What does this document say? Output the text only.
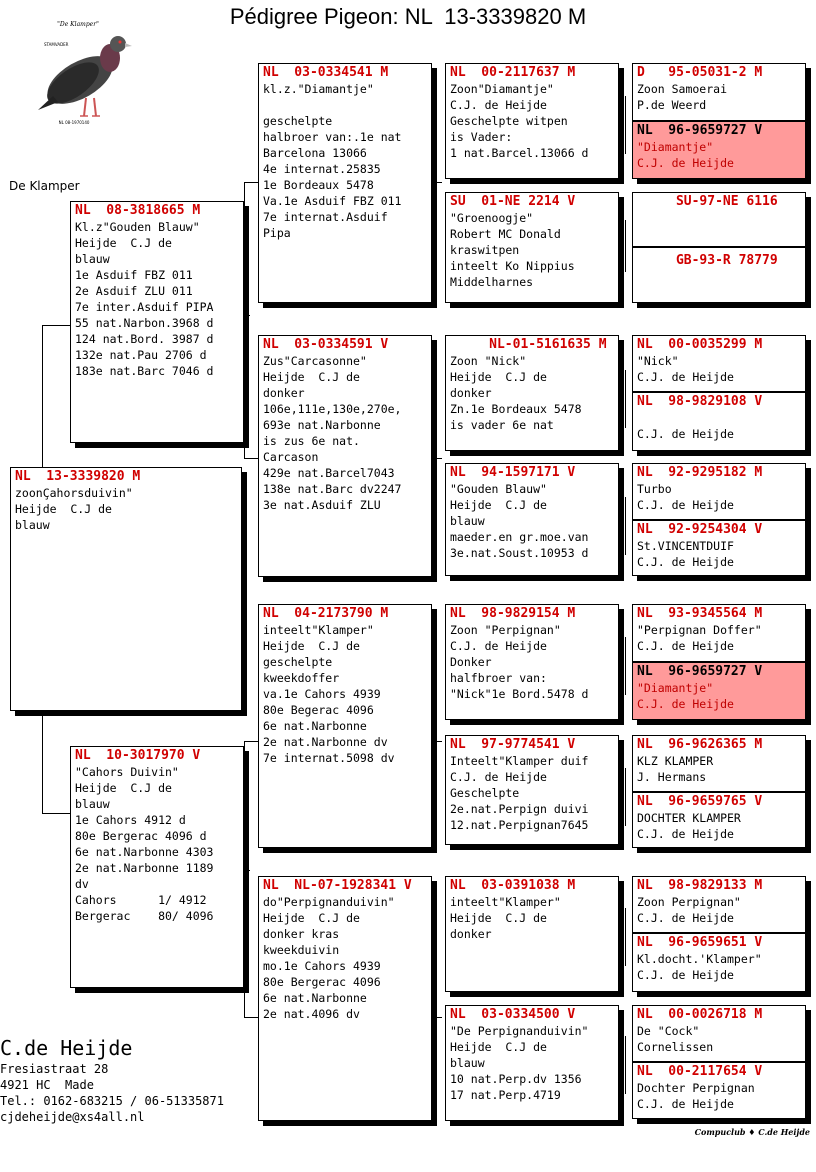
Pédigree Pigeon: NL  13-3339820 M
"De Klamper"
STAMVADER
NL 08-1970140
De Klamper
NL  13-3339820 M
zoonÇahorsduivin"
Heijde  C.J de
blauw
NL  08-3818665 M
Kl.z"Gouden Blauw"
Heijde  C.J de
blauw
1e Asduif FBZ 011
2e Asduif ZLU 011
7e inter.Asduif PIPA
55 nat.Narbon.3968 d
124 nat.Bord. 3987 d
132e nat.Pau 2706 d
183e nat.Barc 7046 d
NL  10-3017970 V
"Cahors Duivin"
Heijde  C.J de
blauw
1e Cahors 4912 d
80e Bergerac 4096 d
6e nat.Narbonne 4303
2e nat.Narbonne 1189
dv
Cahors      1/ 4912
Bergerac    80/ 4096
NL  03-0334541 M
kl.z."Diamantje"
geschelpte
halbroer van:.1e nat
Barcelona 13066
4e internat.25835
1e Bordeaux 5478
Va.1e Asduif FBZ 011
7e internat.Asduif
Pipa
NL  03-0334591 V
Zus"Carcasonne"
Heijde  C.J de
donker
106e,111e,130e,270e,
693e nat.Narbonne
is zus 6e nat.
Carcason
429e nat.Barcel7043
138e nat.Barc dv2247
3e nat.Asduif ZLU
NL  04-2173790 M
inteelt"Klamper"
Heijde  C.J de
geschelpte
kweekdoffer
va.1e Cahors 4939
80e Begerac 4096
6e nat.Narbonne
2e nat.Narbonne dv
7e internat.5098 dv
NL  NL-07-1928341 V
do"Perpignanduivin"
Heijde  C.J de
donker kras
kweekduivin
mo.1e Cahors 4939
80e Bergerac 4096
6e nat.Narbonne
2e nat.4096 dv
NL  00-2117637 M
Zoon"Diamantje"
C.J. de Heijde
Geschelpte witpen
is Vader:
1 nat.Barcel.13066 d
SU  01-NE 2214 V
"Groenoogje"
Robert MC Donald
kraswitpen
inteelt Ko Nippius
Middelharnes
NL-01-5161635 M
Zoon "Nick"
Heijde  C.J de
donker
Zn.1e Bordeaux 5478
is vader 6e nat
NL  94-1597171 V
"Gouden Blauw"
Heijde  C.J de
blauw
maeder.en gr.moe.van
3e.nat.Soust.10953 d
NL  98-9829154 M
Zoon "Perpignan"
C.J. de Heijde
Donker
halfbroer van:
"Nick"1e Bord.5478 d
NL  97-9774541 V
Inteelt"Klamper duif
C.J. de Heijde
Geschelpte
2e.nat.Perpign duivi
12.nat.Perpignan7645
NL  03-0391038 M
inteelt"Klamper"
Heijde  C.J de
donker
NL  03-0334500 V
"De Perpignanduivin"
Heijde  C.J de
blauw
10 nat.Perp.dv 1356
17 nat.Perp.4719
D   95-05031-2 M
Zoon Samoerai
P.de Weerd
NL  96-9659727 V
"Diamantje"
C.J. de Heijde
SU-97-NE 6116
GB-93-R 78779
NL  00-0035299 M
"Nick"
C.J. de Heijde
NL  98-9829108 V
C.J. de Heijde
NL  92-9295182 M
Turbo
C.J. de Heijde
NL  92-9254304 V
St.VINCENTDUIF
C.J. de Heijde
NL  93-9345564 M
"Perpignan Doffer"
C.J. de Heijde
NL  96-9659727 V
"Diamantje"
C.J. de Heijde
NL  96-9626365 M
KLZ KLAMPER
J. Hermans
NL  96-9659765 V
DOCHTER KLAMPER
C.J. de Heijde
NL  98-9829133 M
Zoon Perpignan"
C.J. de Heijde
NL  96-9659651 V
Kl.docht.'Klamper"
C.J. de Heijde
NL  00-0026718 M
De "Cock"
Cornelissen
NL  00-2117654 V
Dochter Perpignan
C.J. de Heijde
C.de Heijde
Fresiastraat 28
4921 HC  Made
Tel.: 0162-683215 / 06-51335871
cjdeheijde@xs4all.nl
Compuclub ♦ C.de Heijde
